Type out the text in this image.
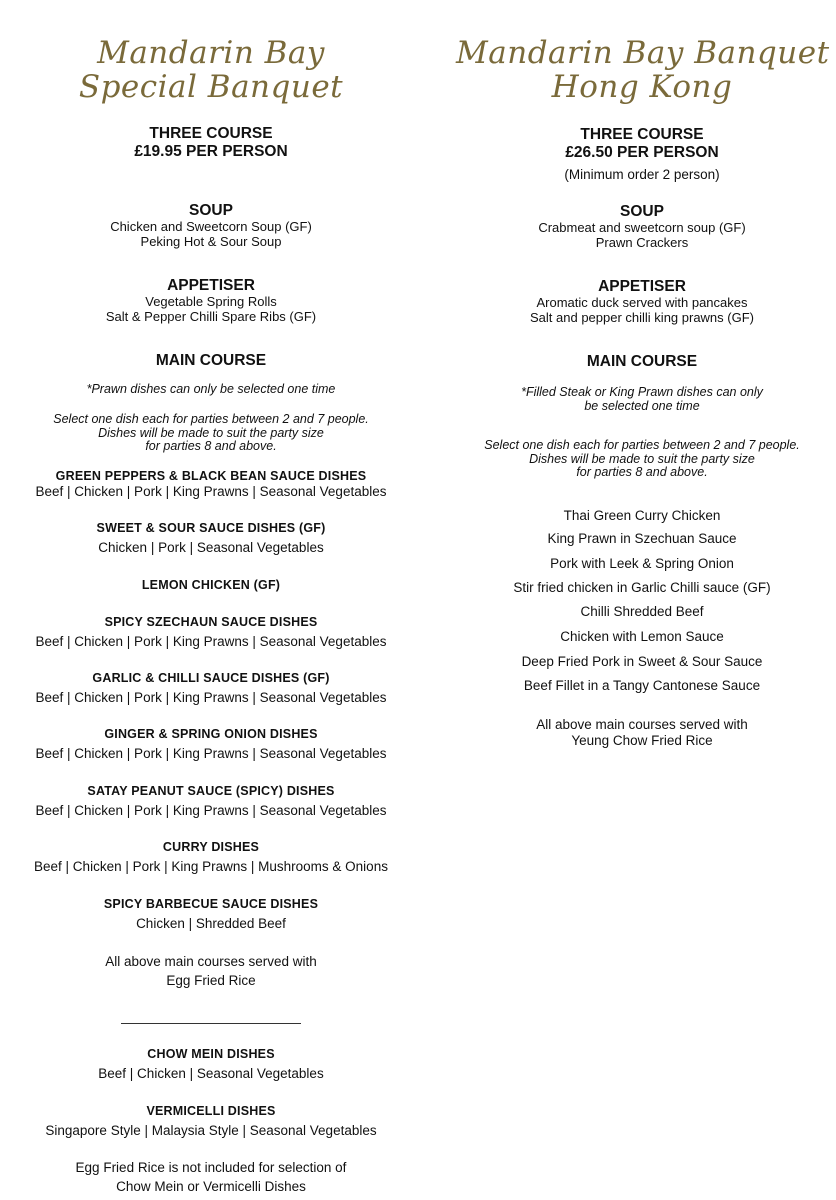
Mandarin Bay
Special Banquet
THREE COURSE
£19.95 PER PERSON
SOUP
Chicken and Sweetcorn Soup (GF)
Peking Hot & Sour Soup
APPETISER
Vegetable Spring Rolls
Salt & Pepper Chilli Spare Ribs (GF)
MAIN COURSE
*Prawn dishes can only be selected one time
Select one dish each for parties between 2 and 7 people.
Dishes will be made to suit the party size
for parties 8 and above.
GREEN PEPPERS & BLACK BEAN SAUCE DISHES
Beef | Chicken | Pork | King Prawns | Seasonal Vegetables
SWEET & SOUR SAUCE DISHES (GF)
Chicken | Pork | Seasonal Vegetables
LEMON CHICKEN (GF)
SPICY SZECHAUN SAUCE DISHES
Beef | Chicken | Pork | King Prawns | Seasonal Vegetables
GARLIC & CHILLI SAUCE DISHES (GF)
Beef | Chicken | Pork | King Prawns | Seasonal Vegetables
GINGER & SPRING ONION DISHES
Beef | Chicken | Pork | King Prawns | Seasonal Vegetables
SATAY PEANUT SAUCE (SPICY) DISHES
Beef | Chicken | Pork | King Prawns | Seasonal Vegetables
CURRY DISHES
Beef | Chicken | Pork | King Prawns | Mushrooms & Onions
SPICY BARBECUE SAUCE DISHES
Chicken | Shredded Beef
All above main courses served with
Egg Fried Rice
CHOW MEIN DISHES
Beef | Chicken | Seasonal Vegetables
VERMICELLI DISHES
Singapore Style | Malaysia Style | Seasonal Vegetables
Egg Fried Rice is not included for selection of
Chow Mein or Vermicelli Dishes
Mandarin Bay Banquet
Hong Kong
THREE COURSE
£26.50 PER PERSON
(Minimum order 2 person)
SOUP
Crabmeat and sweetcorn soup (GF)
Prawn Crackers
APPETISER
Aromatic duck served with pancakes
Salt and pepper chilli king prawns (GF)
MAIN COURSE
*Filled Steak or King Prawn dishes can only
be selected one time
Select one dish each for parties between 2 and 7 people.
Dishes will be made to suit the party size
for parties 8 and above.
Thai Green Curry Chicken
King Prawn in Szechuan Sauce
Pork with Leek & Spring Onion
Stir fried chicken in Garlic Chilli sauce (GF)
Chilli Shredded Beef
Chicken with Lemon Sauce
Deep Fried Pork in Sweet & Sour Sauce
Beef Fillet in a Tangy Cantonese Sauce
All above main courses served with
Yeung Chow Fried Rice
